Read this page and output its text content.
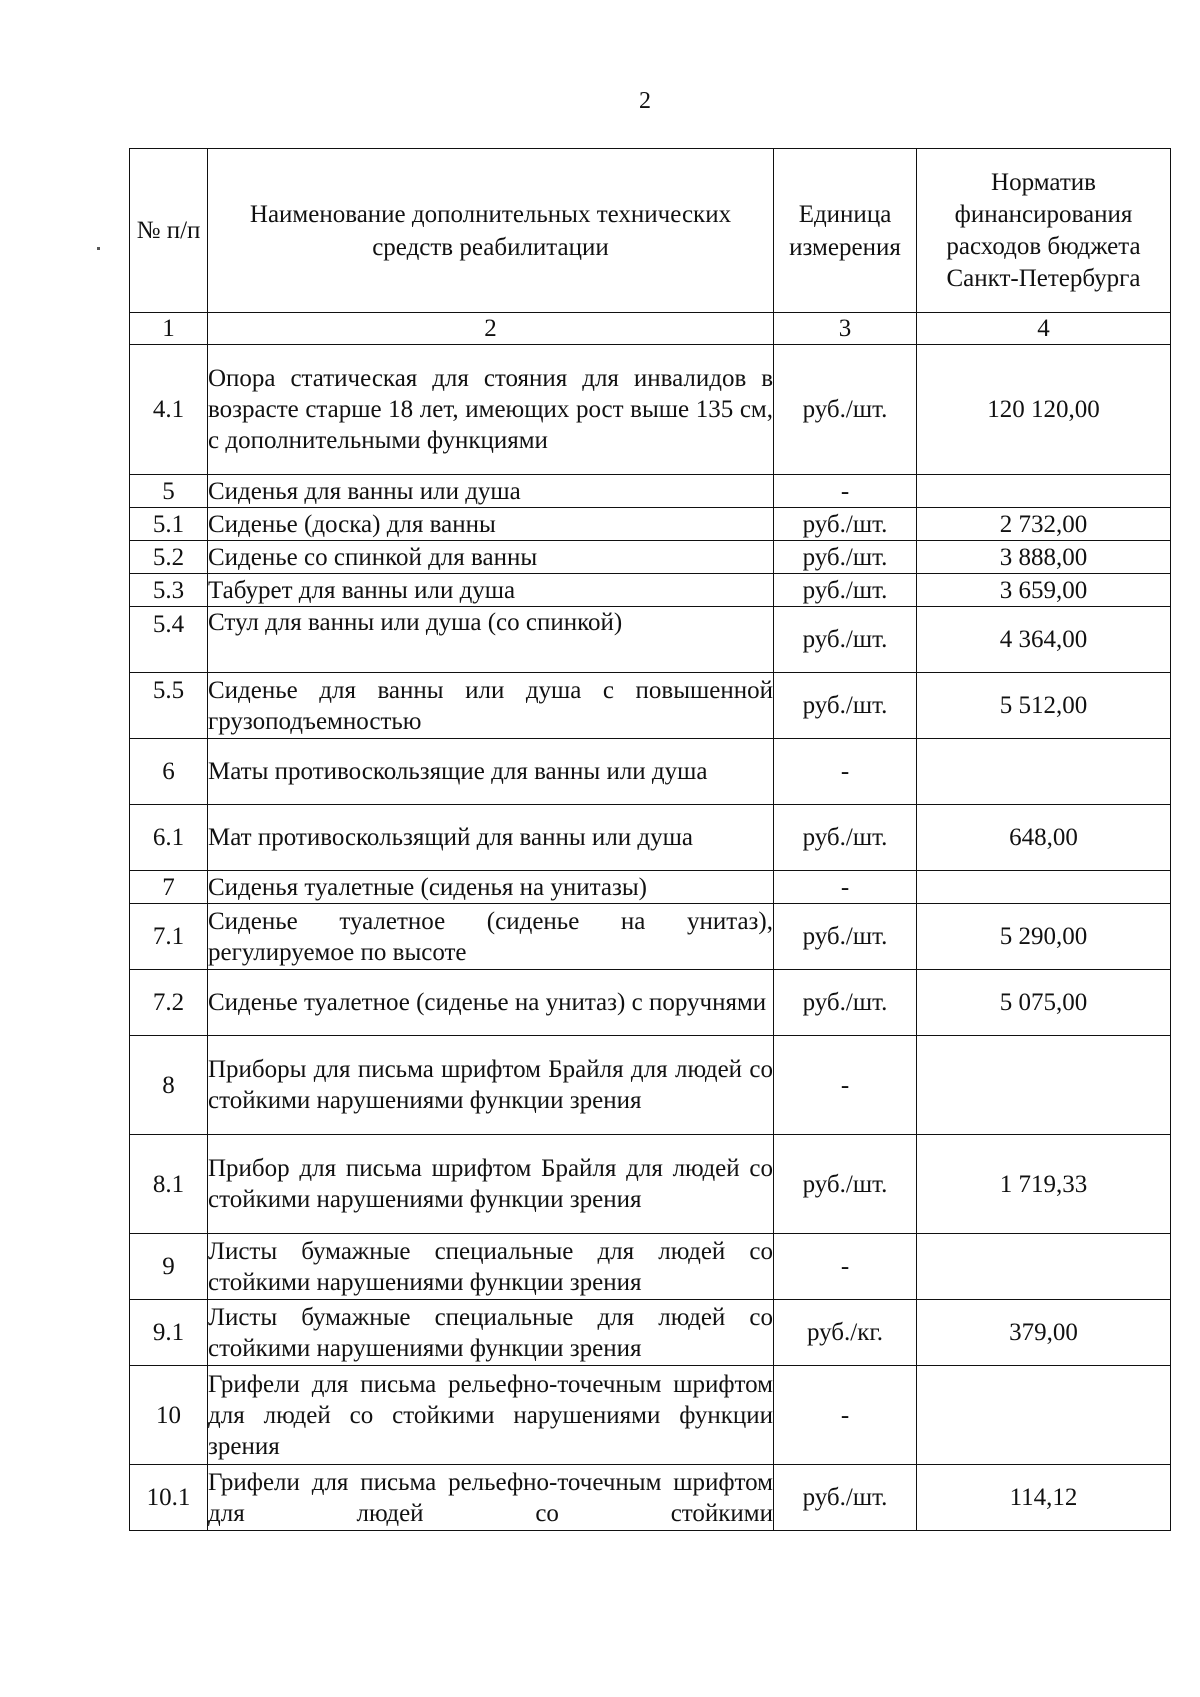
2
№ п/п	Наименование дополнительных технических средств реабилитации	Единица измерения	Норматив финансирования расходов бюджета Санкт-Петербурга
1	2	3	4
4.1	Опора статическая для стояния для инвалидов в возрасте старше 18 лет, имеющих рост выше 135 см, с дополнительными функциями	руб./шт.	120 120,00
5	Сиденья для ванны или душа	-	
5.1	Сиденье (доска) для ванны	руб./шт.	2 732,00
5.2	Сиденье со спинкой для ванны	руб./шт.	3 888,00
5.3	Табурет для ванны или душа	руб./шт.	3 659,00
5.4	Стул для ванны или душа (со спинкой)	руб./шт.	4 364,00
5.5	Сиденье для ванны или душа с повышенной грузоподъемностью	руб./шт.	5 512,00
6	Маты противоскользящие для ванны или душа	-	
6.1	Мат противоскользящий для ванны или душа	руб./шт.	648,00
7	Сиденья туалетные (сиденья на унитазы)	-	
7.1	Сиденье туалетное (сиденье на унитаз), регулируемое по высоте	руб./шт.	5 290,00
7.2	Сиденье туалетное (сиденье на унитаз) с поручнями	руб./шт.	5 075,00
8	Приборы для письма шрифтом Брайля для людей со стойкими нарушениями функции зрения	-	
8.1	Прибор для письма шрифтом Брайля для людей со стойкими нарушениями функции зрения	руб./шт.	1 719,33
9	Листы бумажные специальные для людей со стойкими нарушениями функции зрения	-	
9.1	Листы бумажные специальные для людей со стойкими нарушениями функции зрения	руб./кг.	379,00
10	Грифели для письма рельефно-точечным шрифтом для людей со стойкими нарушениями функции зрения	-	
10.1	Грифели для письма рельефно-точечным шрифтом для людей со стойкими	руб./шт.	114,12
